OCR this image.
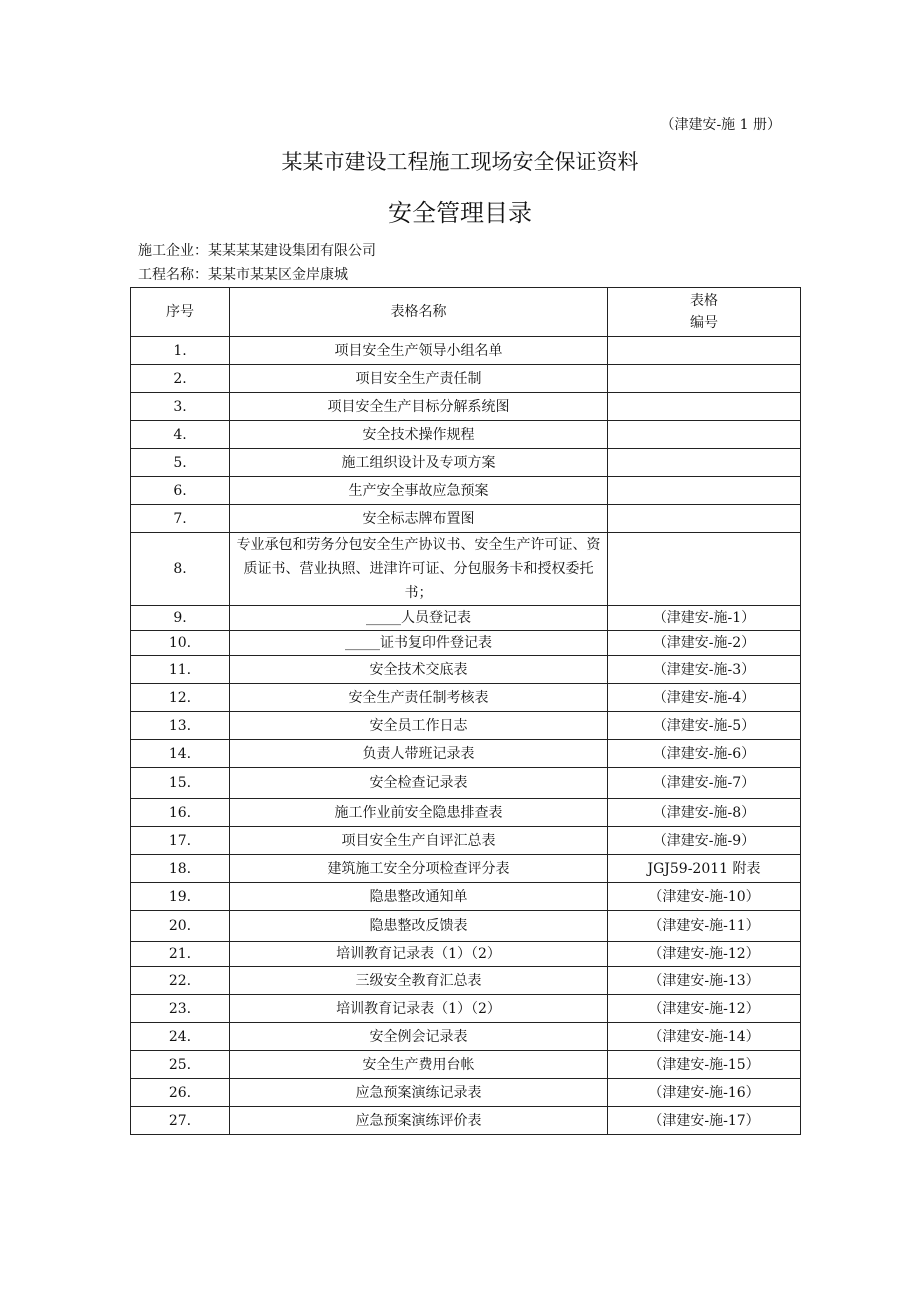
（津建安-施 1 册）
某某市建设工程施工现场安全保证资料
安全管理目录
施工企业：某某某某建设集团有限公司
工程名称：某某市某某区金岸康城
序号	表格名称	表格
编号

1.	项目安全生产领导小组名单	
2.	项目安全生产责任制	
3.	项目安全生产目标分解系统图	
4.	安全技术操作规程	
5.	施工组织设计及专项方案	
6.	生产安全事故应急预案	
7.	安全标志牌布置图	
8.	专业承包和劳务分包安全生产协议书、安全生产许可证、资质证书、营业执照、进津许可证、分包服务卡和授权委托书；	
9.	_____人员登记表	（津建安-施-1）
10.	_____证书复印件登记表	（津建安-施-2）
11.	安全技术交底表	（津建安-施-3）
12.	安全生产责任制考核表	（津建安-施-4）
13.	安全员工作日志	（津建安-施-5）
14.	负责人带班记录表	（津建安-施-6）
15.	安全检查记录表	（津建安-施-7）
16.	施工作业前安全隐患排查表	（津建安-施-8）
17.	项目安全生产自评汇总表	（津建安-施-9）
18.	建筑施工安全分项检查评分表	JGJ59-2011 附表
19.	隐患整改通知单	（津建安-施-10）
20.	隐患整改反馈表	（津建安-施-11）
21.	培训教育记录表（1）（2）	（津建安-施-12）
22.	三级安全教育汇总表	（津建安-施-13）
23.	培训教育记录表（1）（2）	（津建安-施-12）
24.	安全例会记录表	（津建安-施-14）
25.	安全生产费用台帐	（津建安-施-15）
26.	应急预案演练记录表	（津建安-施-16）
27.	应急预案演练评价表	（津建安-施-17）
